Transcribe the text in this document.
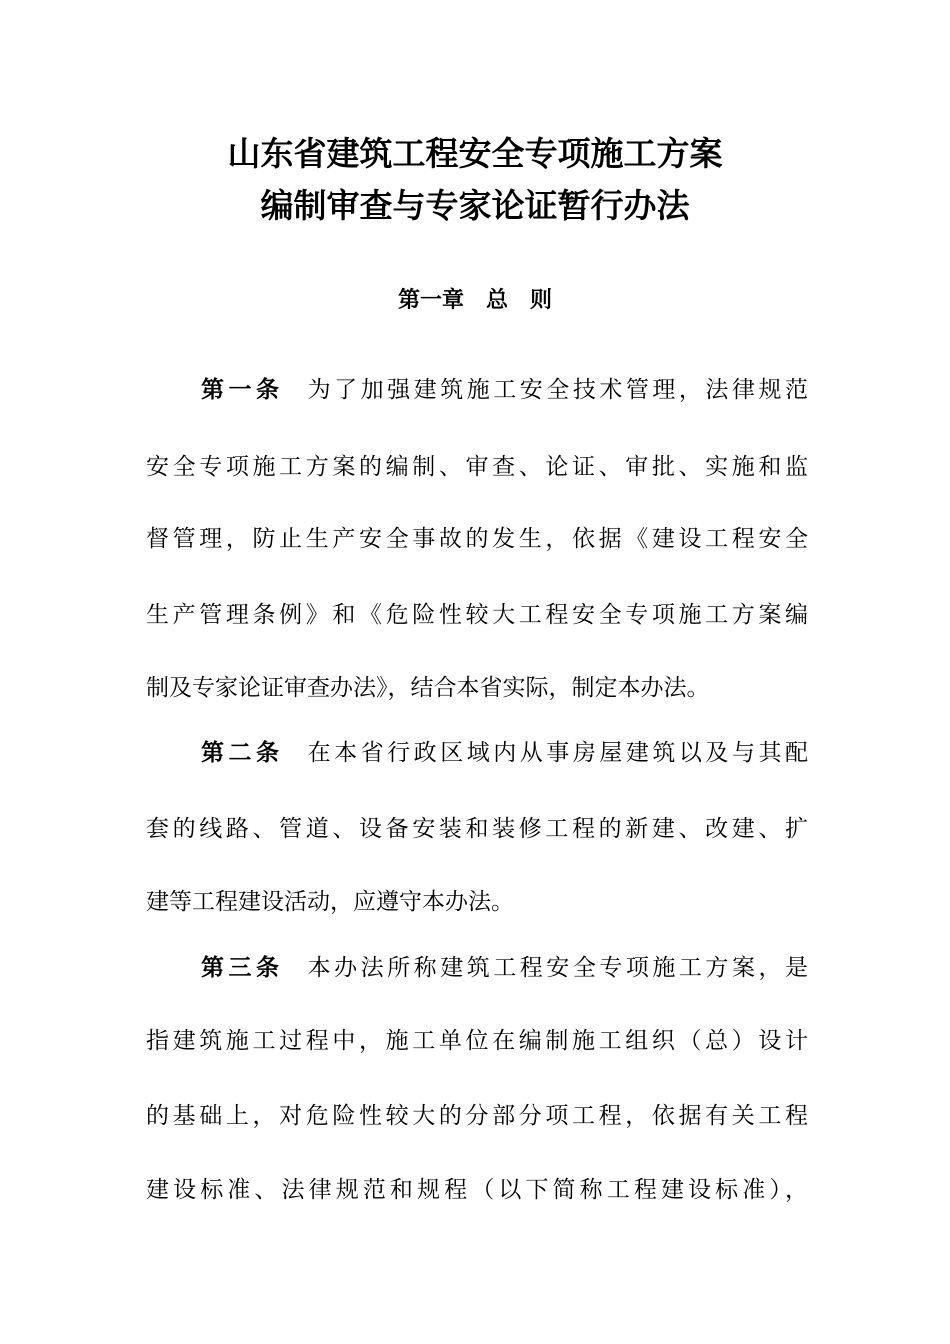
山东省建筑工程安全专项施工方案
编制审查与专家论证暂行办法
第一章　总　则
第一条 为了加强建筑施工安全技术管理，法律规范
安全专项施工方案的编制、审查、论证、审批、实施和监
督管理，防止生产安全事故的发生，依据《建设工程安全
生产管理条例》和《危险性较大工程安全专项施工方案编
制及专家论证审查办法》，结合本省实际，制定本办法。
第二条 在本省行政区域内从事房屋建筑以及与其配
套的线路、管道、设备安装和装修工程的新建、改建、扩
建等工程建设活动，应遵守本办法。
第三条 本办法所称建筑工程安全专项施工方案，是
指建筑施工过程中，施工单位在编制施工组织（总）设计
的基础上，对危险性较大的分部分项工程，依据有关工程
建设标准、法律规范和规程（以下简称工程建设标准），
